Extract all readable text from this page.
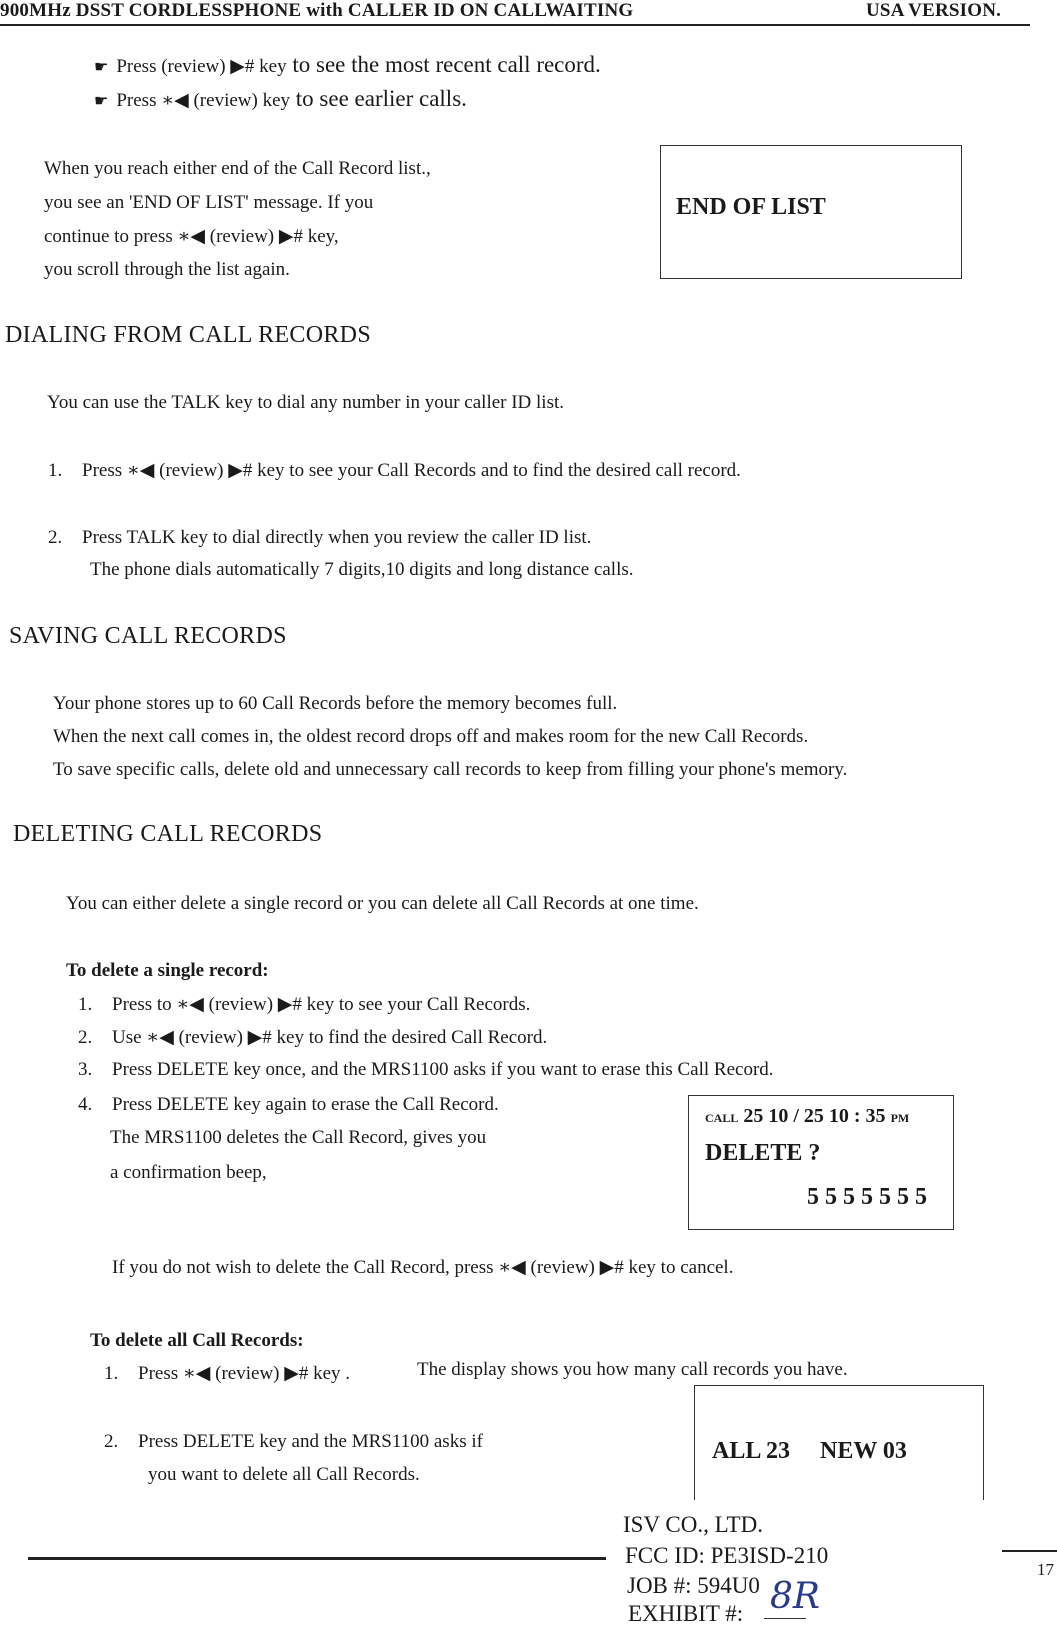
900MHz DSST CORDLESSPHONE with CALLER ID ON CALLWAITING	USA VERSION.
☛ Press (review) ▶# key to see the most recent call record.
☛ Press ∗◀ (review) key to see earlier calls.
When you reach either end of the Call Record list.,
you see an 'END OF LIST' message. If you
continue to press ∗◀ (review) ▶# key,
you scroll through the list again.
END OF LIST
DIALING FROM CALL RECORDS
You can use the TALK key to dial any number in your caller ID list.
1. Press ∗◀ (review) ▶# key to see your Call Records and to find the desired call record.
2. Press TALK key to dial directly when you review the caller ID list.
The phone dials automatically 7 digits,10 digits and long distance calls.
SAVING CALL RECORDS
Your phone stores up to 60 Call Records before the memory becomes full.
When the next call comes in, the oldest record drops off and makes room for the new Call Records.
To save specific calls, delete old and unnecessary call records to keep from filling your phone's memory.
DELETING CALL RECORDS
You can either delete a single record or you can delete all Call Records at one time.
To delete a single record:
1. Press to ∗◀ (review) ▶# key to see your Call Records.
2. Use ∗◀ (review) ▶# key to find the desired Call Record.
3. Press DELETE key once, and the MRS1100 asks if you want to erase this Call Record.
4. Press DELETE key again to erase the Call Record.
The MRS1100 deletes the Call Record, gives you
a confirmation beep,
CALL 25 10 / 25 10 : 35 PM
DELETE ?
5 5 5 5 5 5 5
If you do not wish to delete the Call Record, press ∗◀ (review) ▶# key to cancel.
To delete all Call Records:
1. Press ∗◀ (review) ▶# key .	The display shows you how many call records you have.
2. Press DELETE key and the MRS1100 asks if
you want to delete all Call Records.
ALL 23 NEW 03
17
ISV CO., LTD.
FCC ID: PE3ISD-210
JOB #: 594U0
EXHIBIT #: 8R
